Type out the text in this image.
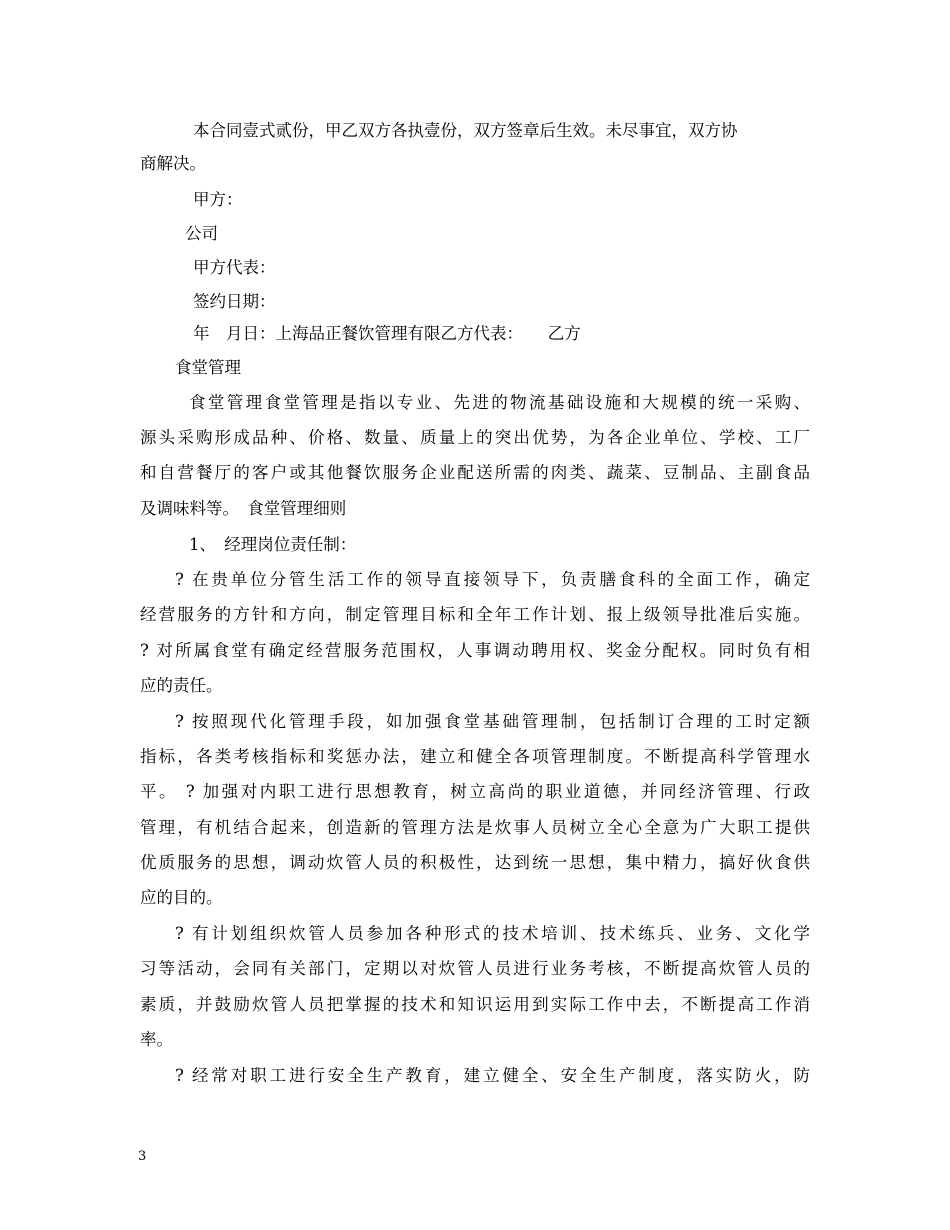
本合同壹式贰份，甲乙双方各执壹份，双方签章后生效。未尽事宜，双方协
商解决。
甲方：
公司
甲方代表：
签约日期：
年　月日：上海品正餐饮管理有限乙方代表：　　乙方
食堂管理
食堂管理食堂管理是指以专业、先进的物流基础设施和大规模的统一采购、
源头采购形成品种、价格、数量、质量上的突出优势，为各企业单位、学校、工厂
和自营餐厅的客户或其他餐饮服务企业配送所需的肉类、蔬菜、豆制品、主副食品
及调味料等。　食堂管理细则
1、　经理岗位责任制：
? 在贵单位分管生活工作的领导直接领导下，负责膳食科的全面工作，确定
经营服务的方针和方向，制定管理目标和全年工作计划、报上级领导批准后实施。
? 对所属食堂有确定经营服务范围权，人事调动聘用权、奖金分配权。同时负有相
应的责任。
? 按照现代化管理手段，如加强食堂基础管理制，包括制订合理的工时定额
指标，各类考核指标和奖惩办法，建立和健全各项管理制度。不断提高科学管理水
平。 ? 加强对内职工进行思想教育，树立高尚的职业道德，并同经济管理、行政
管理，有机结合起来，创造新的管理方法是炊事人员树立全心全意为广大职工提供
优质服务的思想，调动炊管人员的积极性，达到统一思想，集中精力，搞好伙食供
应的目的。
? 有计划组织炊管人员参加各种形式的技术培训、技术练兵、业务、文化学
习等活动，会同有关部门，定期以对炊管人员进行业务考核，不断提高炊管人员的
素质，并鼓励炊管人员把掌握的技术和知识运用到实际工作中去，不断提高工作消
率。
? 经常对职工进行安全生产教育，建立健全、安全生产制度，落实防火，防
3
